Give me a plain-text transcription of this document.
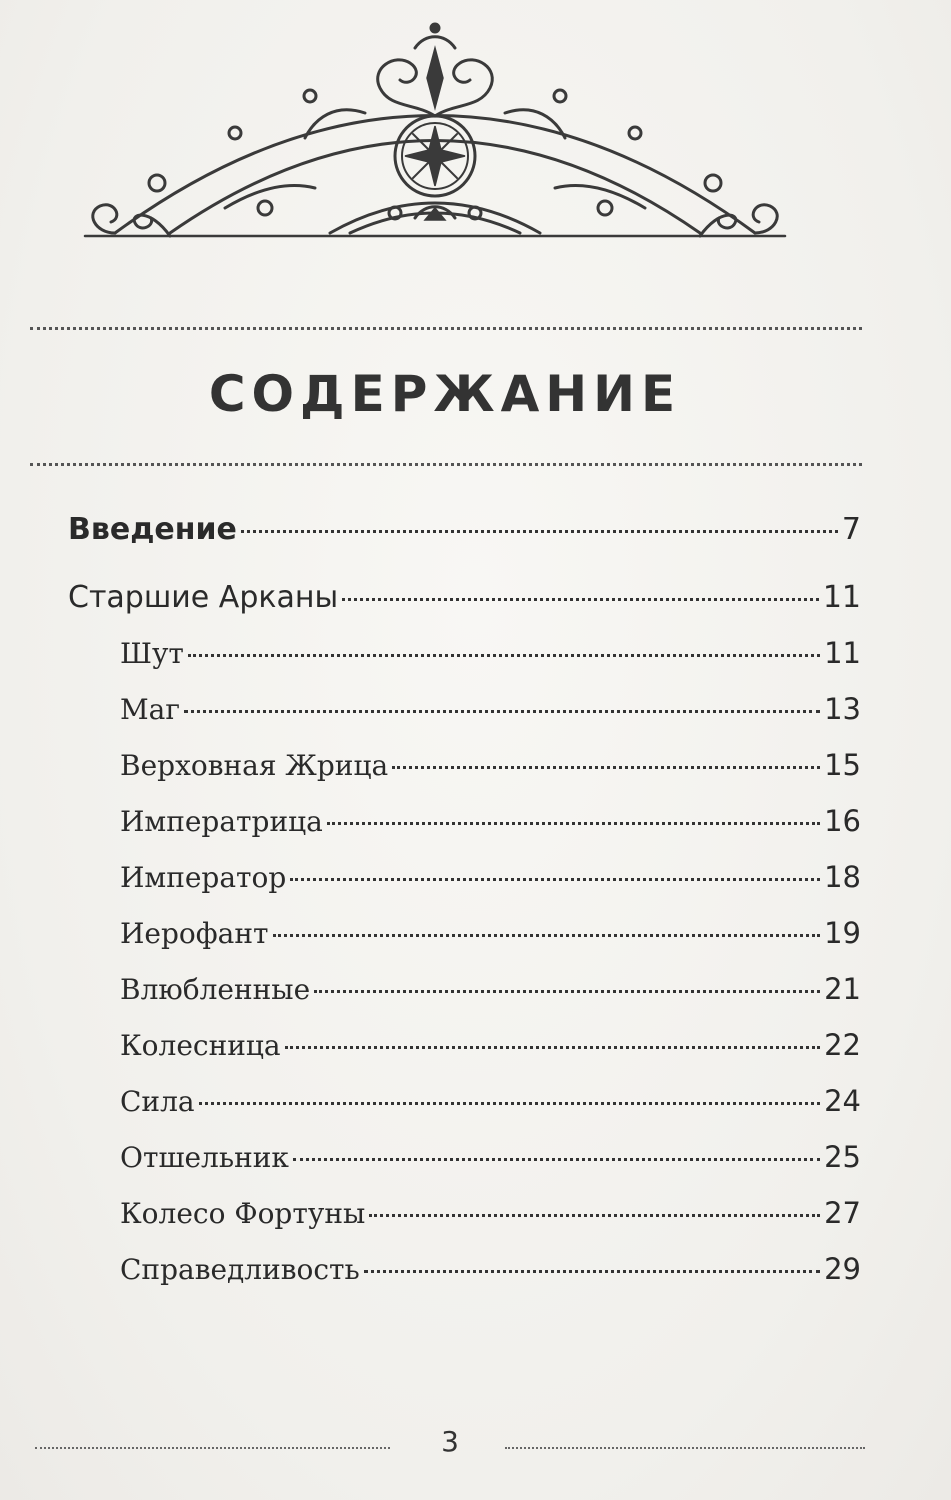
СОДЕРЖАНИЕ
Введение	7
Старшие Арканы	11
Шут	11
Маг	13
Верховная Жрица	15
Императрица	16
Император	18
Иерофант	19
Влюбленные	21
Колесница	22
Сила	24
Отшельник	25
Колесо Фортуны	27
Справедливость	29
3
